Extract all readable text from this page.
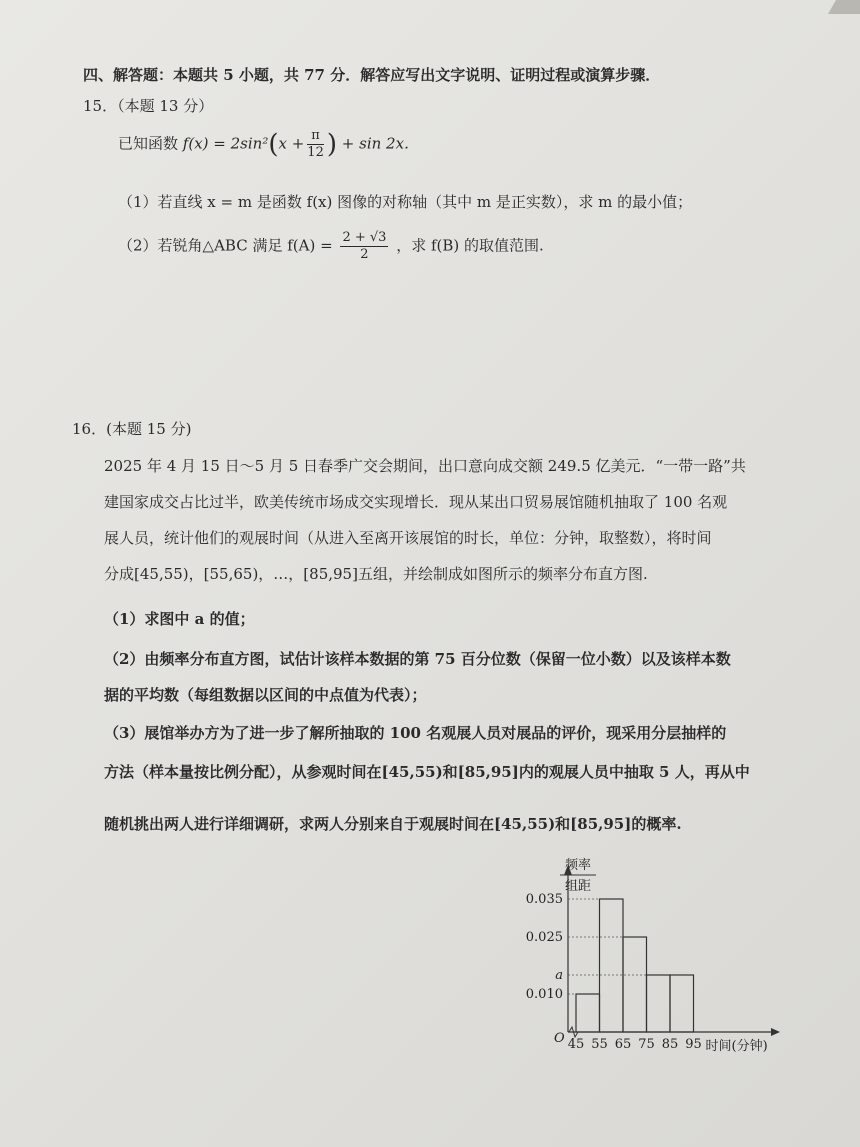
四、解答题：本题共 5 小题，共 77 分．解答应写出文字说明、证明过程或演算步骤．
15．（本题 13 分）
已知函数 $f(x) = 2\sin^2(x + \frac{\pi}{12}$ ) + sin 2x．
（1）若直线 x = m 是函数 f(x) 图像的对称轴（其中 m 是正实数），求 m 的最小值；
（2）若锐角△ABC 满足 $f(A) = \frac{2 + √3}{2}$ ，求 f(B) 的取值范围.
16．(本题 15 分)
2025 年 4 月 15 日～5 月 5 日春季广交会期间，出口意向成交额 249.5 亿美元．“一带一路”共
建国家成交占比过半，欧美传统市场成交实现增长．现从某出口贸易展馆随机抽取了 100 名观
展人员，统计他们的观展时间（从进入至离开该展馆的时长，单位：分钟，取整数），将时间
分成[45,55)，[55,65)，…，[85,95]五组，并绘制成如图所示的频率分布直方图.
（1）求图中 a 的值；
（2）由频率分布直方图，试估计该样本数据的第 75 百分位数（保留一位小数）以及该样本数
据的平均数（每组数据以区间的中点值为代表）；
（3）展馆举办方为了进一步了解所抽取的 100 名观展人员对展品的评价，现采用分层抽样的
方法（样本量按比例分配），从参观时间在[45,55)和[85,95]内的观展人员中抽取 5 人，再从中
随机挑出两人进行详细调研，求两人分别来自于观展时间在[45,55)和[85,95]的概率.
0.035
0.025
a
0.010
45 55 65 75 85 95
O
时间(分钟)
频率
组距
